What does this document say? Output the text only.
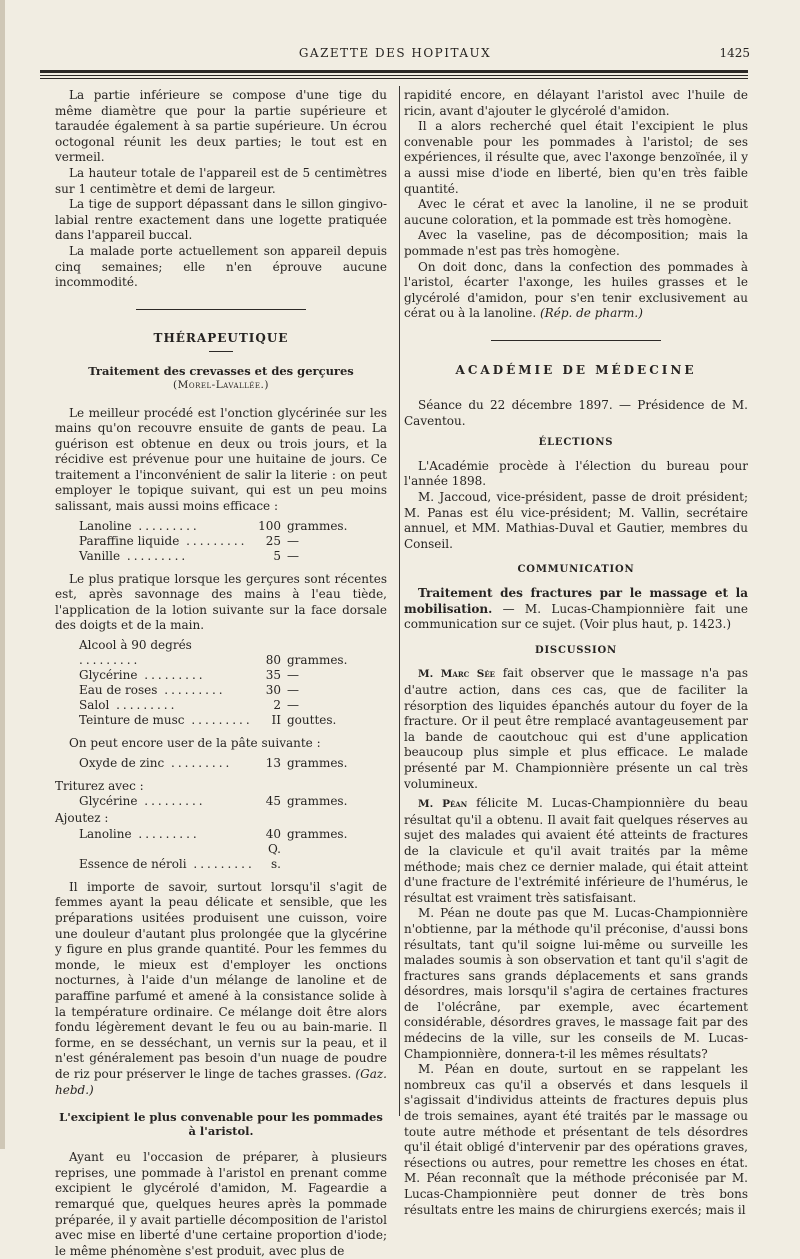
GAZETTE DES HOPITAUX	1425

La partie inférieure se compose d'une tige du même diamètre que pour la partie supérieure et taraudée également à sa partie supérieure. Un écrou octogonal réunit les deux parties; le tout est en vermeil.

La hauteur totale de l'appareil est de 5 centimètres sur 1 centimètre et demi de largeur.

La tige de support dépassant dans le sillon gingivo-labial rentre exactement dans une logette pratiquée dans l'appareil buccal.

La malade porte actuellement son appareil depuis cinq semaines; elle n'en éprouve aucune incommodité.

THÉRAPEUTIQUE
Traitement des crevasses et des gerçures
(Morel-Lavallée.)

Le meilleur procédé est l'onction glycérinée sur les mains qu'on recouvre ensuite de gants de peau. La guérison est obtenue en deux ou trois jours, et la récidive est prévenue pour une huitaine de jours. Ce traitement a l'inconvénient de salir la literie : on peut employer le topique suivant, qui est un peu moins salissant, mais aussi moins efficace :

Lanoline .........	100	grammes.
Paraffine liquide .........	25	—
Vanille .........	5	—

Le plus pratique lorsque les gerçures sont récentes est, après savonnage des mains à l'eau tiède, l'application de la lotion suivante sur la face dorsale des doigts et de la main.

Alcool à 90 degrés .........	80	grammes.
Glycérine .........	35	—
Eau de roses .........	30	—
Salol .........	2	—
Teinture de musc .........	II	gouttes.

On peut encore user de la pâte suivante :

Oxyde de zinc .........	13	grammes.

Triturez avec :

Glycérine .........	45	grammes.

Ajoutez :

Lanoline .........	40	grammes.
Essence de néroli .........	Q. s.	

Il importe de savoir, surtout lorsqu'il s'agit de femmes ayant la peau délicate et sensible, que les préparations usitées produisent une cuisson, voire une douleur d'autant plus prolongée que la glycérine y figure en plus grande quantité. Pour les femmes du monde, le mieux est d'employer les onctions nocturnes, à l'aide d'un mélange de lanoline et de paraffine parfumé et amené à la consistance solide à la température ordinaire. Ce mélange doit être alors fondu légèrement devant le feu ou au bain-marie. Il forme, en se desséchant, un vernis sur la peau, et il n'est généralement pas besoin d'un nuage de poudre de riz pour préserver le linge de taches grasses. (Gaz. hebd.)

L'excipient le plus convenable pour les pommades à l'aristol.

Ayant eu l'occasion de préparer, à plusieurs reprises, une pommade à l'aristol en prenant comme excipient le glycérolé d'amidon, M. Fageardie a remarqué que, quelques heures après la pommade préparée, il y avait partielle décomposition de l'aristol avec mise en liberté d'une certaine proportion d'iode; le même phénomène s'est produit, avec plus de

rapidité encore, en délayant l'aristol avec l'huile de ricin, avant d'ajouter le glycérolé d'amidon.

Il a alors recherché quel était l'excipient le plus convenable pour les pommades à l'aristol; de ses expériences, il résulte que, avec l'axonge benzoïnée, il y a aussi mise d'iode en liberté, bien qu'en très faible quantité.

Avec le cérat et avec la lanoline, il ne se produit aucune coloration, et la pommade est très homogène.

Avec la vaseline, pas de décomposition; mais la pommade n'est pas très homogène.

On doit donc, dans la confection des pommades à l'aristol, écarter l'axonge, les huiles grasses et le glycérolé d'amidon, pour s'en tenir exclusivement au cérat ou à la lanoline. (Rép. de pharm.)

ACADÉMIE DE MÉDECINE

Séance du 22 décembre 1897. — Présidence de M. Caventou.

ÉLECTIONS

L'Académie procède à l'élection du bureau pour l'année 1898.

M. Jaccoud, vice-président, passe de droit président; M. Panas est élu vice-président; M. Vallin, secrétaire annuel, et MM. Mathias-Duval et Gautier, membres du Conseil.

COMMUNICATION

Traitement des fractures par le massage et la mobilisation. — M. Lucas-Championnière fait une communication sur ce sujet. (Voir plus haut, p. 1423.)

DISCUSSION

M. Marc Sée fait observer que le massage n'a pas d'autre action, dans ces cas, que de faciliter la résorption des liquides épanchés autour du foyer de la fracture. Or il peut être remplacé avantageusement par la bande de caoutchouc qui est d'une application beaucoup plus simple et plus efficace. Le malade présenté par M. Championnière présente un cal très volumineux.

M. Péan félicite M. Lucas-Championnière du beau résultat qu'il a obtenu. Il avait fait quelques réserves au sujet des malades qui avaient été atteints de fractures de la clavicule et qu'il avait traités par la même méthode; mais chez ce dernier malade, qui était atteint d'une fracture de l'extrémité inférieure de l'humérus, le résultat est vraiment très satisfaisant.

M. Péan ne doute pas que M. Lucas-Championnière n'obtienne, par la méthode qu'il préconise, d'aussi bons résultats, tant qu'il soigne lui-même ou surveille les malades soumis à son observation et tant qu'il s'agit de fractures sans grands déplacements et sans grands désordres, mais lorsqu'il s'agira de certaines fractures de l'olécrâne, par exemple, avec écartement considérable, désordres graves, le massage fait par des médecins de la ville, sur les conseils de M. Lucas-Championnière, donnera-t-il les mêmes résultats?

M. Péan en doute, surtout en se rappelant les nombreux cas qu'il a observés et dans lesquels il s'agissait d'individus atteints de fractures depuis plus de trois semaines, ayant été traités par le massage ou toute autre méthode et présentant de tels désordres qu'il était obligé d'intervenir par des opérations graves, résections ou autres, pour remettre les choses en état. M. Péan reconnaît que la méthode préconisée par M. Lucas-Championnière peut donner de très bons résultats entre les mains de chirurgiens exercés; mais il
